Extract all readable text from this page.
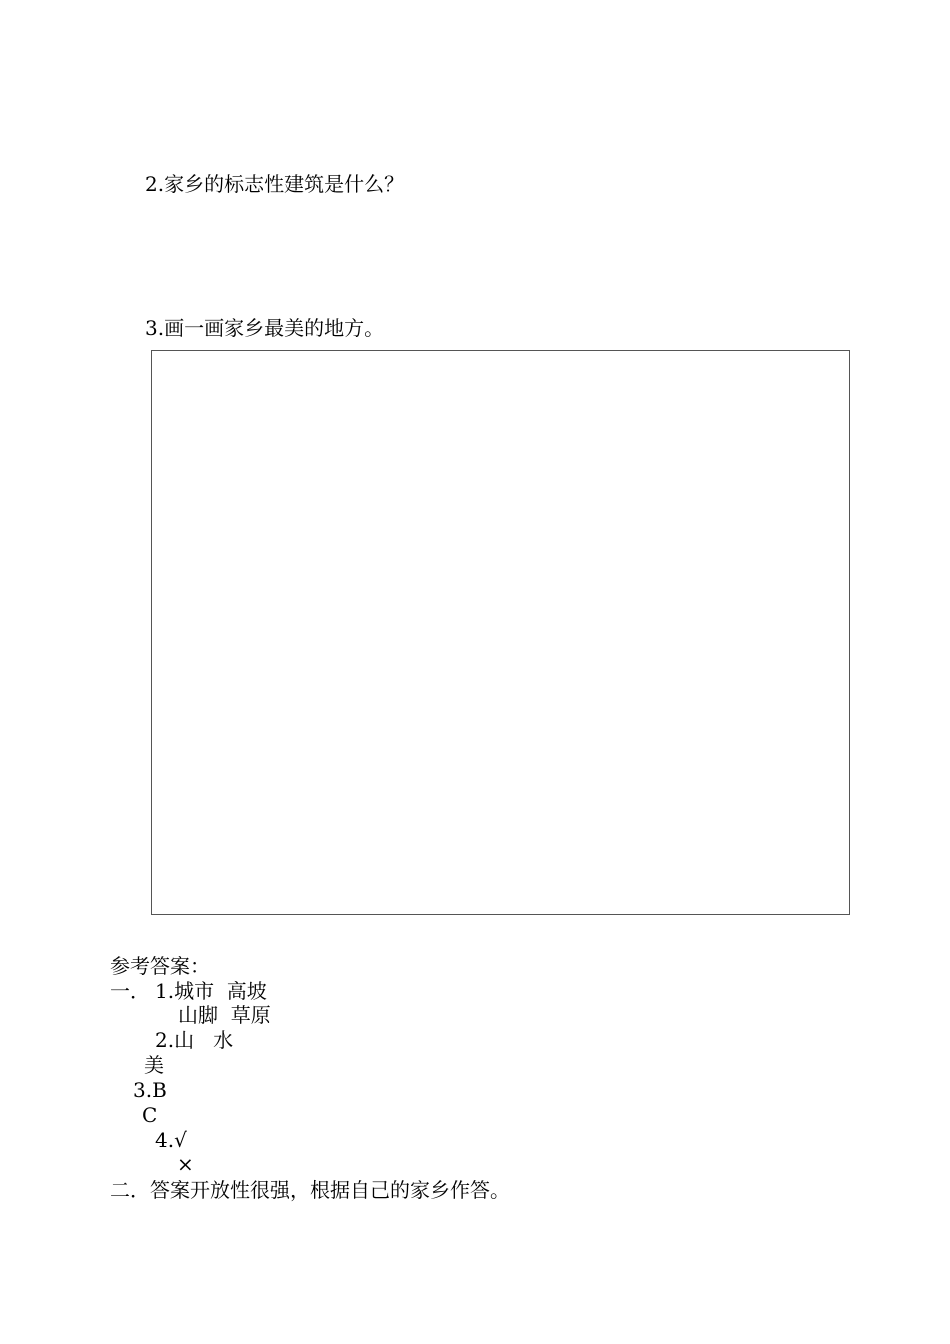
2.家乡的标志性建筑是什么？
3.画一画家乡最美的地方。
参考答案：
一． 1.城市  高坡
山脚  草原
2.山   水
美
3.B
C
4.√
×
二．答案开放性很强，根据自己的家乡作答。
